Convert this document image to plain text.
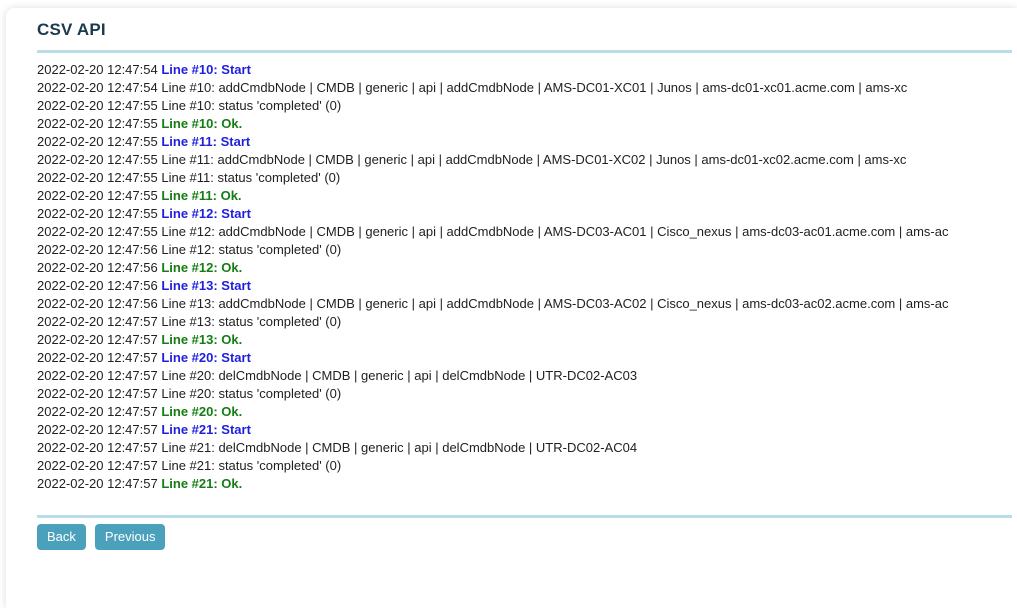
CSV API
2022-02-20 12:47:54 Line #10: Start
2022-02-20 12:47:54 Line #10: addCmdbNode | CMDB | generic | api | addCmdbNode | AMS-DC01-XC01 | Junos | ams-dc01-xc01.acme.com | ams-xc
2022-02-20 12:47:55 Line #10: status 'completed' (0)
2022-02-20 12:47:55 Line #10: Ok.
2022-02-20 12:47:55 Line #11: Start
2022-02-20 12:47:55 Line #11: addCmdbNode | CMDB | generic | api | addCmdbNode | AMS-DC01-XC02 | Junos | ams-dc01-xc02.acme.com | ams-xc
2022-02-20 12:47:55 Line #11: status 'completed' (0)
2022-02-20 12:47:55 Line #11: Ok.
2022-02-20 12:47:55 Line #12: Start
2022-02-20 12:47:55 Line #12: addCmdbNode | CMDB | generic | api | addCmdbNode | AMS-DC03-AC01 | Cisco_nexus | ams-dc03-ac01.acme.com | ams-ac
2022-02-20 12:47:56 Line #12: status 'completed' (0)
2022-02-20 12:47:56 Line #12: Ok.
2022-02-20 12:47:56 Line #13: Start
2022-02-20 12:47:56 Line #13: addCmdbNode | CMDB | generic | api | addCmdbNode | AMS-DC03-AC02 | Cisco_nexus | ams-dc03-ac02.acme.com | ams-ac
2022-02-20 12:47:57 Line #13: status 'completed' (0)
2022-02-20 12:47:57 Line #13: Ok.
2022-02-20 12:47:57 Line #20: Start
2022-02-20 12:47:57 Line #20: delCmdbNode | CMDB | generic | api | delCmdbNode | UTR-DC02-AC03
2022-02-20 12:47:57 Line #20: status 'completed' (0)
2022-02-20 12:47:57 Line #20: Ok.
2022-02-20 12:47:57 Line #21: Start
2022-02-20 12:47:57 Line #21: delCmdbNode | CMDB | generic | api | delCmdbNode | UTR-DC02-AC04
2022-02-20 12:47:57 Line #21: status 'completed' (0)
2022-02-20 12:47:57 Line #21: Ok.
Back	Previous
